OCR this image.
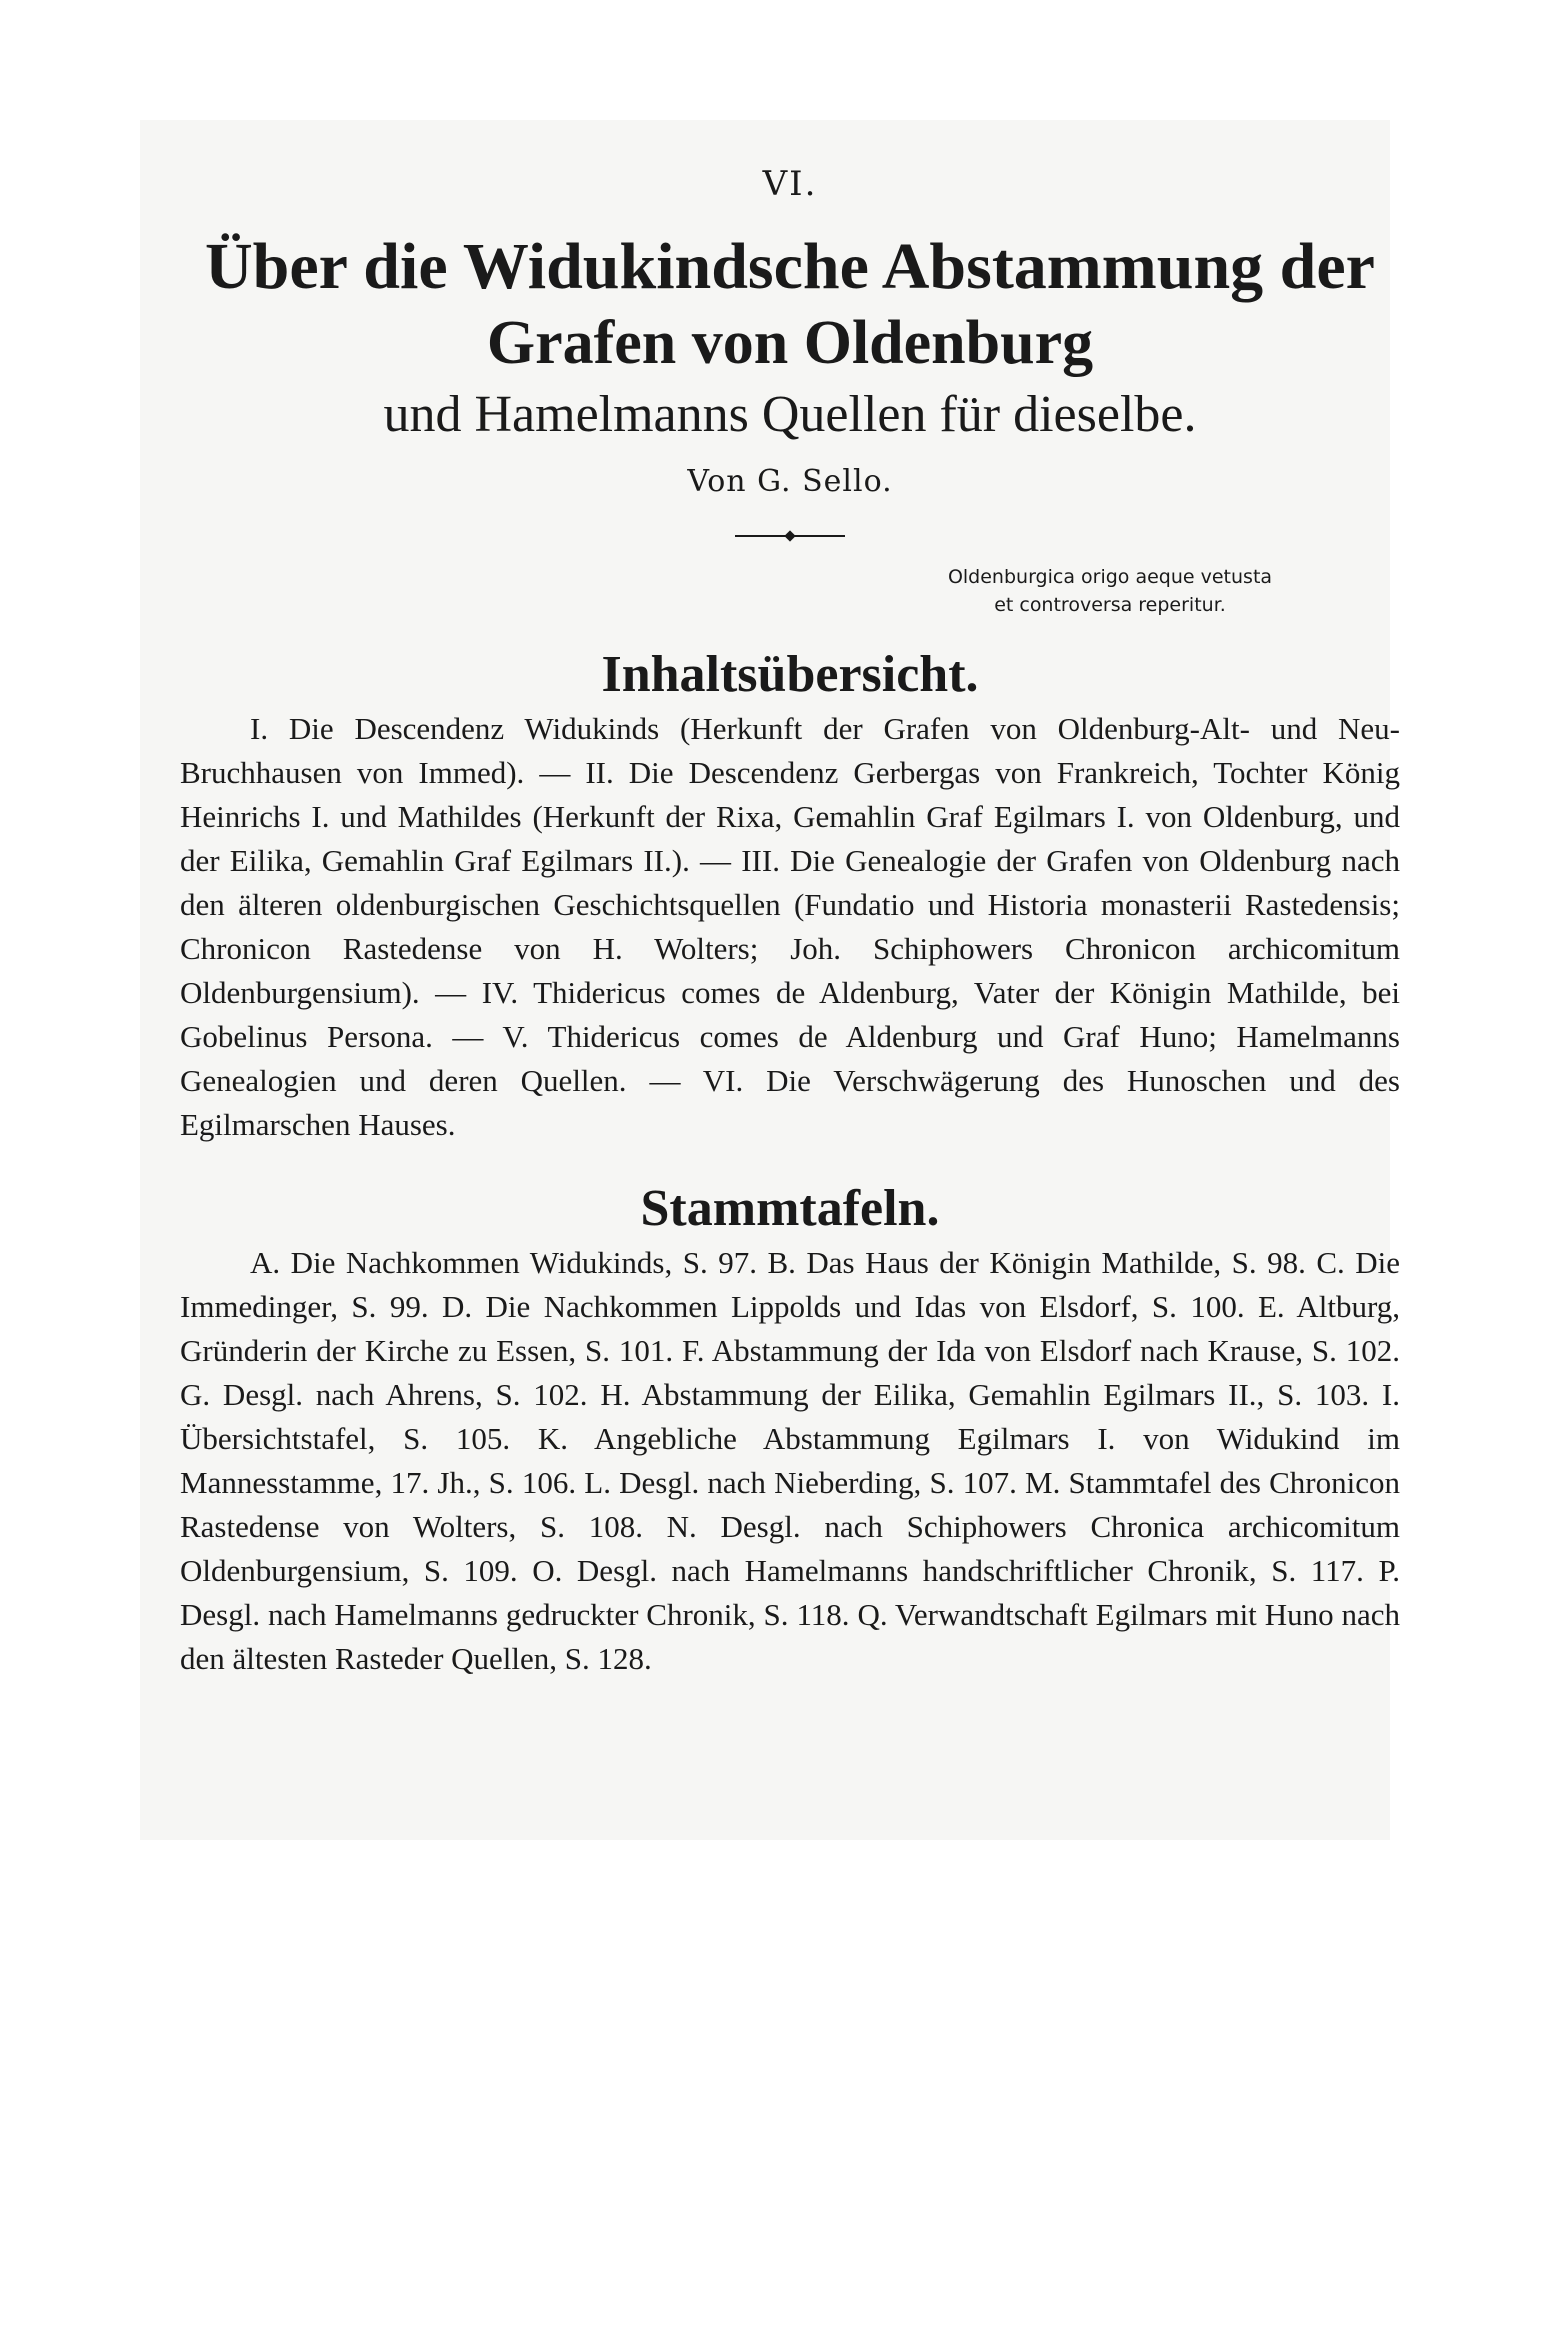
VI.
Über die Widukindsche Abstammung der
Grafen von Oldenburg
und Hamelmanns Quellen für dieselbe.
Von G. Sello.
Oldenburgica origo aeque vetusta
et controversa reperitur.
Inhaltsübersicht.

I. Die Descendenz Widukinds (Herkunft der Grafen von Oldenburg-Alt- und Neu-Bruchhausen von Immed). — II. Die Descendenz Gerbergas von Frankreich, Tochter König Heinrichs I. und Mathildes (Herkunft der Rixa, Gemahlin Graf Egilmars I. von Oldenburg, und der Eilika, Gemahlin Graf Egilmars II.). — III. Die Genealogie der Grafen von Oldenburg nach den älteren oldenburgischen Geschichtsquellen (Fundatio und Historia monasterii Rastedensis; Chronicon Rastedense von H. Wolters; Joh. Schiphowers Chronicon archicomitum Oldenburgensium). — IV. Thidericus comes de Aldenburg, Vater der Königin Mathilde, bei Gobelinus Persona. — V. Thidericus comes de Aldenburg und Graf Huno; Hamelmanns Genealogien und deren Quellen. — VI. Die Verschwägerung des Hunoschen und des Egilmarschen Hauses.

Stammtafeln.

A. Die Nachkommen Widukinds, S. 97. B. Das Haus der Königin Mathilde, S. 98. C. Die Immedinger, S. 99. D. Die Nachkommen Lippolds und Idas von Elsdorf, S. 100. E. Altburg, Gründerin der Kirche zu Essen, S. 101. F. Abstammung der Ida von Elsdorf nach Krause, S. 102. G. Desgl. nach Ahrens, S. 102. H. Abstammung der Eilika, Gemahlin Egilmars II., S. 103. I. Übersichtstafel, S. 105. K. Angebliche Abstammung Egilmars I. von Widukind im Mannesstamme, 17. Jh., S. 106. L. Desgl. nach Nieberding, S. 107. M. Stammtafel des Chronicon Rastedense von Wolters, S. 108. N. Desgl. nach Schiphowers Chronica archicomitum Oldenburgensium, S. 109. O. Desgl. nach Hamelmanns handschriftlicher Chronik, S. 117. P. Desgl. nach Hamelmanns gedruckter Chronik, S. 118. Q. Verwandtschaft Egilmars mit Huno nach den ältesten Rasteder Quellen, S. 128.
